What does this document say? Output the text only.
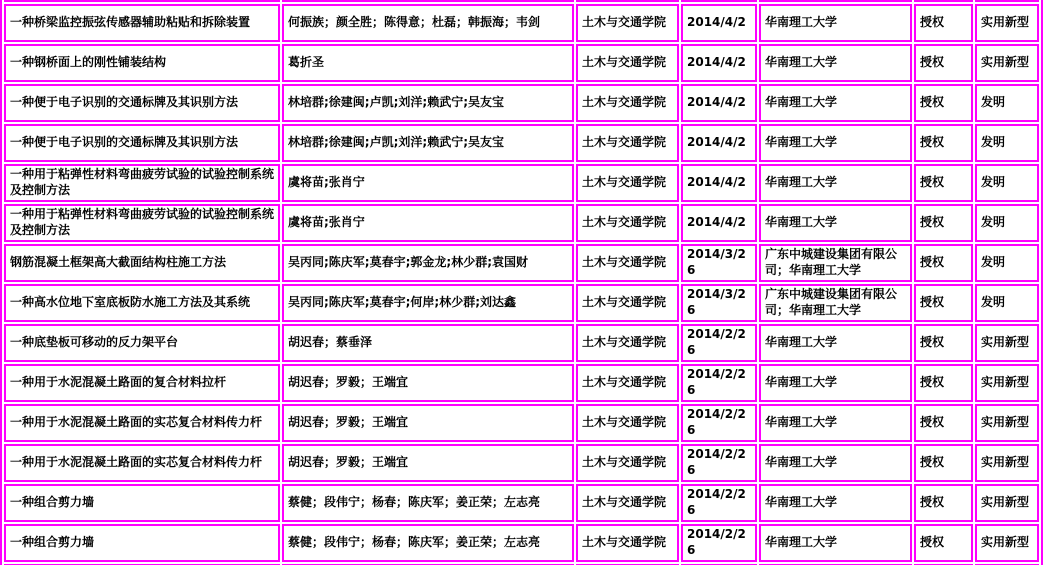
一种桥梁监控振弦传感器辅助粘贴和拆除装置	何振族；颜全胜；陈得意；杜磊；韩振海；韦剑	土木与交通学院	2014/4/2	华南理工大学	授权	实用新型
一种钢桥面上的刚性铺装结构	葛折圣	土木与交通学院	2014/4/2	华南理工大学	授权	实用新型
一种便于电子识别的交通标牌及其识别方法	林培群;徐建闽;卢凯;刘洋;赖武宁;吴友宝	土木与交通学院	2014/4/2	华南理工大学	授权	发明
一种便于电子识别的交通标牌及其识别方法	林培群;徐建闽;卢凯;刘洋;赖武宁;吴友宝	土木与交通学院	2014/4/2	华南理工大学	授权	发明
一种用于粘弹性材料弯曲疲劳试验的试验控制系统及控制方法	虞将苗;张肖宁	土木与交通学院	2014/4/2	华南理工大学	授权	发明
一种用于粘弹性材料弯曲疲劳试验的试验控制系统及控制方法	虞将苗;张肖宁	土木与交通学院	2014/4/2	华南理工大学	授权	发明
钢筋混凝土框架高大截面结构柱施工方法	吴丙同;陈庆军;莫春宇;郭金龙;林少群;袁国财	土木与交通学院	2014/3/26	广东中城建设集团有限公司；华南理工大学	授权	发明
一种高水位地下室底板防水施工方法及其系统	吴丙同;陈庆军;莫春宇;何岸;林少群;刘达鑫	土木与交通学院	2014/3/26	广东中城建设集团有限公司；华南理工大学	授权	发明
一种底垫板可移动的反力架平台	胡迟春；蔡垂泽	土木与交通学院	2014/2/26	华南理工大学	授权	实用新型
一种用于水泥混凝土路面的复合材料拉杆	胡迟春；罗毅；王端宜	土木与交通学院	2014/2/26	华南理工大学	授权	实用新型
一种用于水泥混凝土路面的实芯复合材料传力杆	胡迟春；罗毅；王端宜	土木与交通学院	2014/2/26	华南理工大学	授权	实用新型
一种用于水泥混凝土路面的实芯复合材料传力杆	胡迟春；罗毅；王端宜	土木与交通学院	2014/2/26	华南理工大学	授权	实用新型
一种组合剪力墙	蔡健；段伟宁；杨春；陈庆军；姜正荣；左志亮	土木与交通学院	2014/2/26	华南理工大学	授权	实用新型
一种组合剪力墙	蔡健；段伟宁；杨春；陈庆军；姜正荣；左志亮	土木与交通学院	2014/2/26	华南理工大学	授权	实用新型
